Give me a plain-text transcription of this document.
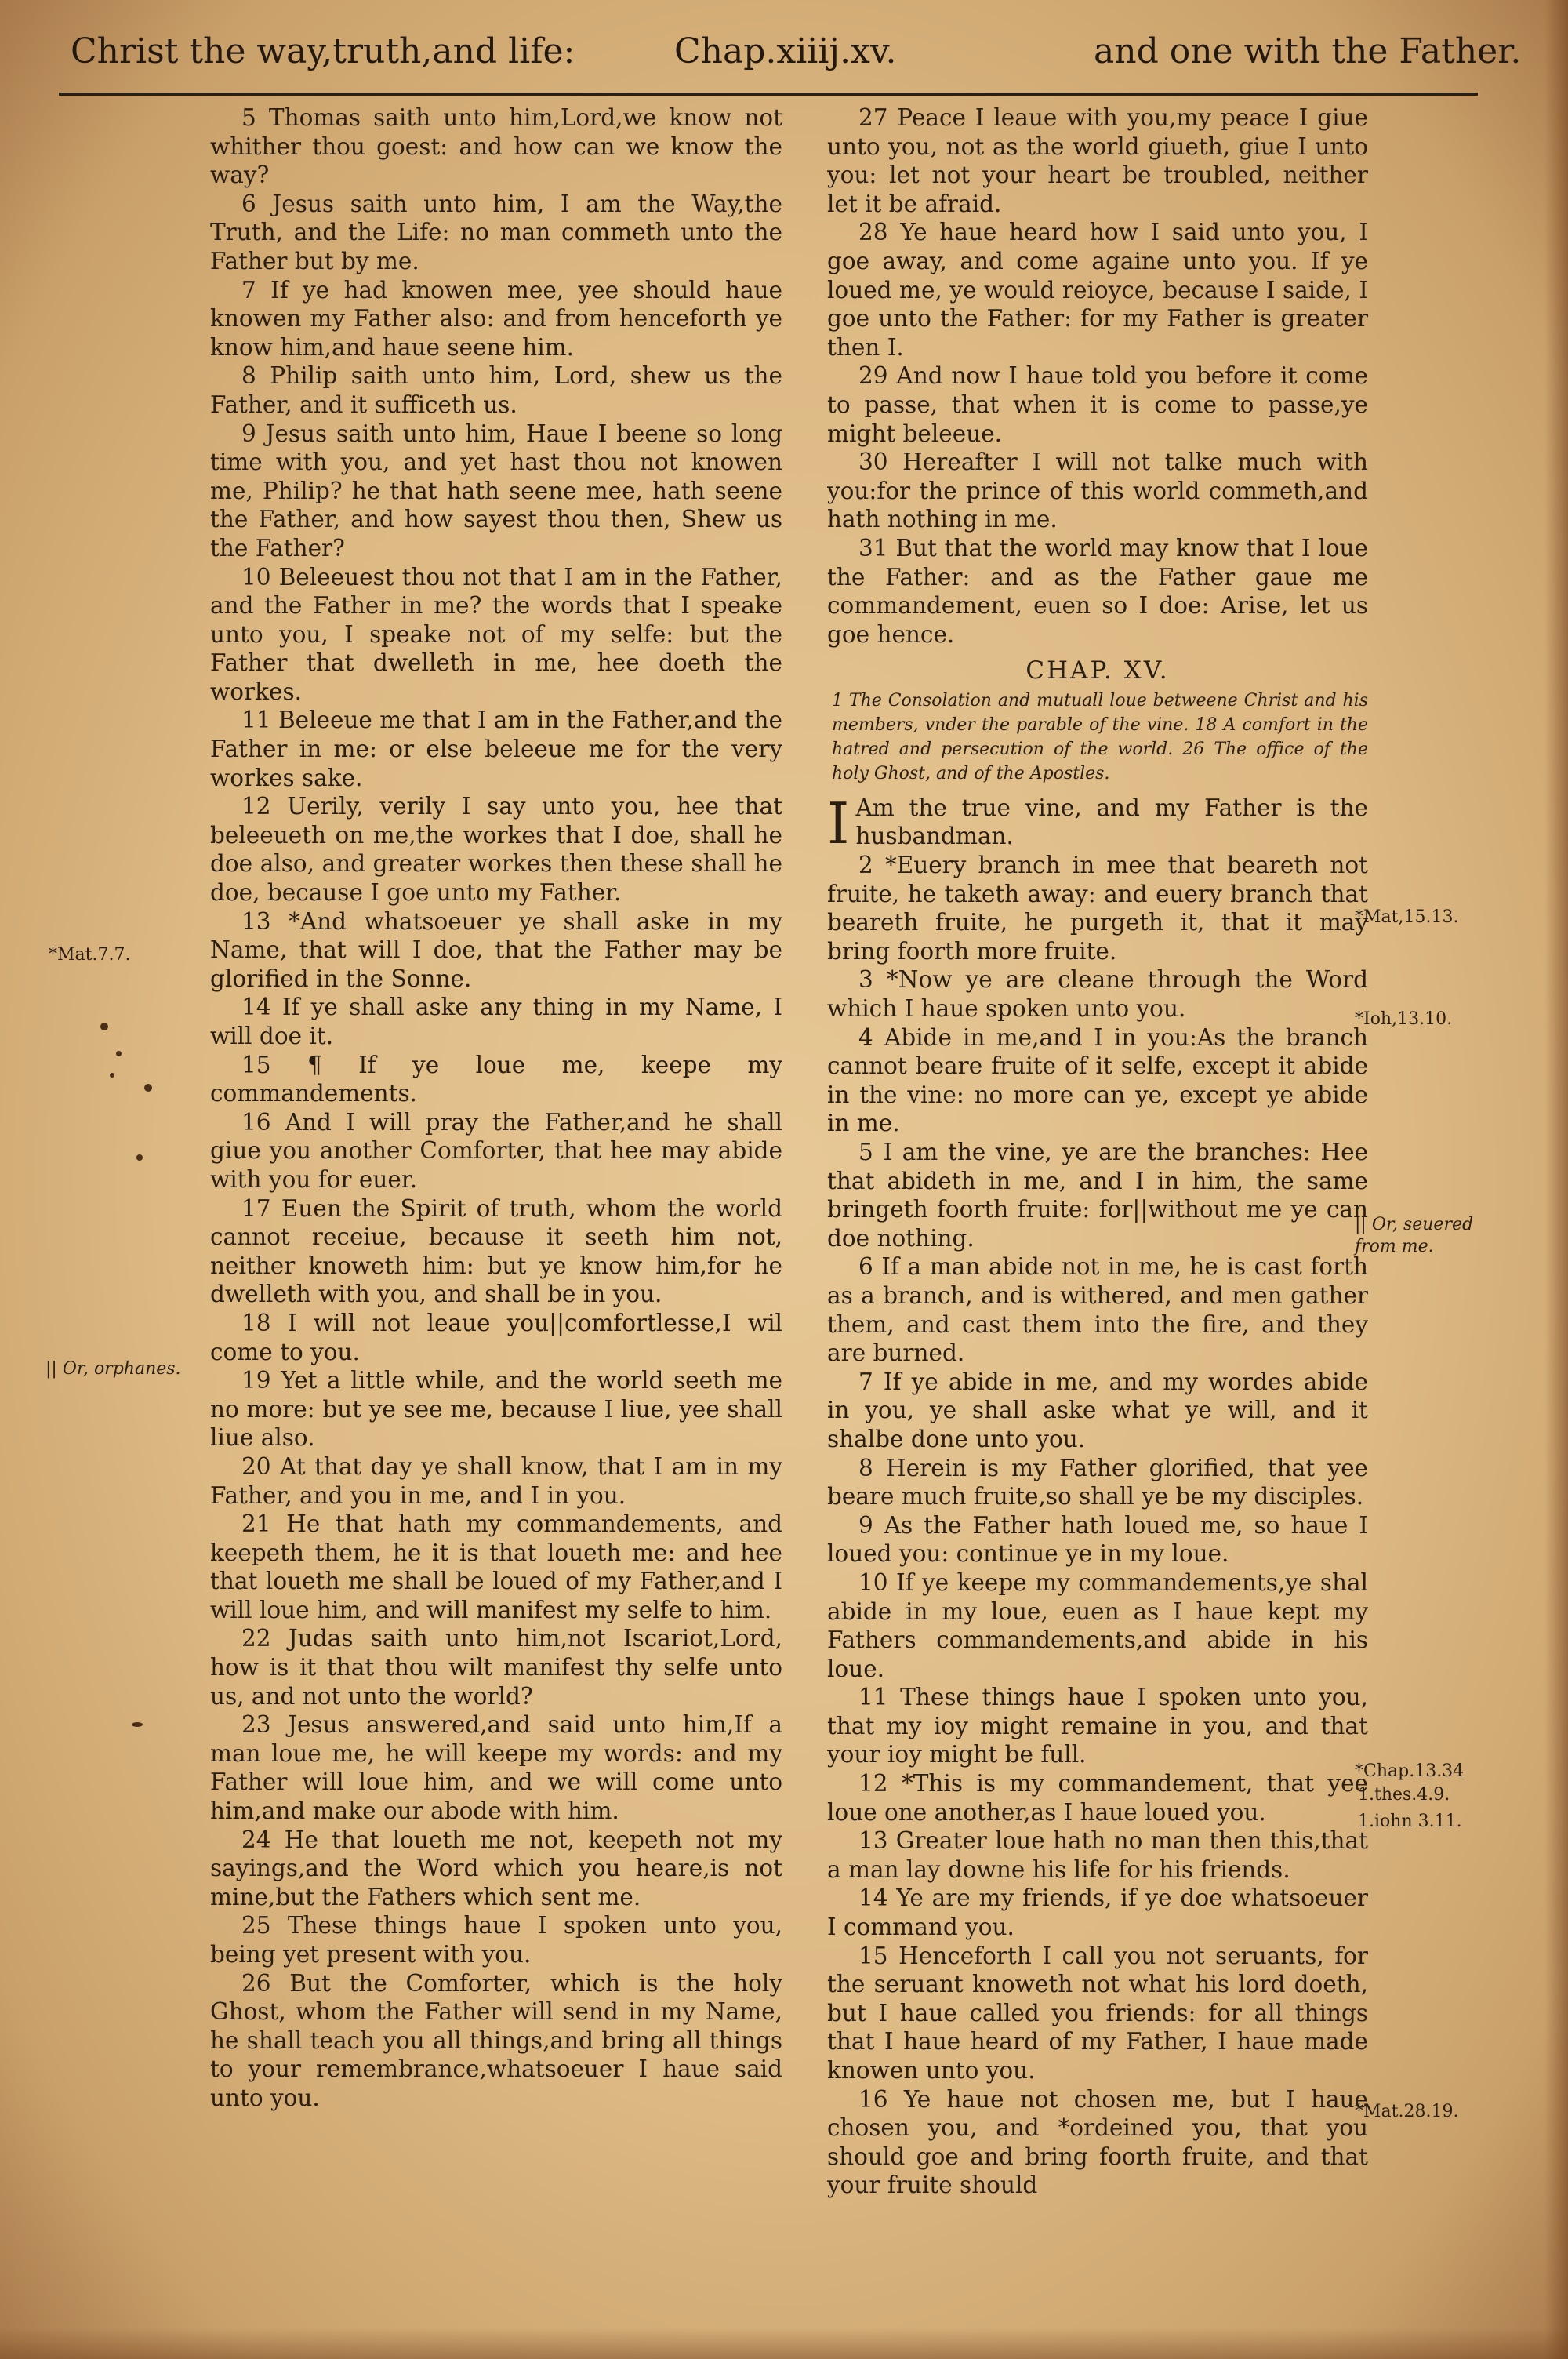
Christ the way,truth,and life:	Chap.xiiij.xv.	and one with the Father.

5 Thomas saith unto him,Lord,we know not whither thou goest: and how can we know the way?

6 Jesus saith unto him, I am the Way,the Truth, and the Life: no man commeth unto the Father but by me.

7 If ye had knowen mee, yee should haue knowen my Father also: and from henceforth ye know him,and haue seene him.

8 Philip saith unto him, Lord, shew us the Father, and it sufficeth us.

9 Jesus saith unto him, Haue I beene so long time with you, and yet hast thou not knowen me, Philip? he that hath seene mee, hath seene the Father, and how sayest thou then, Shew us the Father?

10 Beleeuest thou not that I am in the Father, and the Father in me? the words that I speake unto you, I speake not of my selfe: but the Father that dwelleth in me, hee doeth the workes.

11 Beleeue me that I am in the Father,and the Father in me: or else beleeue me for the very workes sake.

12 Uerily, verily I say unto you, hee that beleeueth on me,the workes that I doe, shall he doe also, and greater workes then these shall he doe, because I goe unto my Father.

13 *And whatsoeuer ye shall aske in my Name, that will I doe, that the Father may be glorified in the Sonne.

14 If ye shall aske any thing in my Name, I will doe it.

15 ¶ If ye loue me, keepe my commandements.

16 And I will pray the Father,and he shall giue you another Comforter, that hee may abide with you for euer.

17 Euen the Spirit of truth, whom the world cannot receiue, because it seeth him not, neither knoweth him: but ye know him,for he dwelleth with you, and shall be in you.

18 I will not leaue you||comfortlesse,I wil come to you.

19 Yet a little while, and the world seeth me no more: but ye see me, because I liue, yee shall liue also.

20 At that day ye shall know, that I am in my Father, and you in me, and I in you.

21 He that hath my commandements, and keepeth them, he it is that loueth me: and hee that loueth me shall be loued of my Father,and I will loue him, and will manifest my selfe to him.

22 Judas saith unto him,not Iscariot,Lord, how is it that thou wilt manifest thy selfe unto us, and not unto the world?

23 Jesus answered,and said unto him,If a man loue me, he will keepe my words: and my Father will loue him, and we will come unto him,and make our abode with him.

24 He that loueth me not, keepeth not my sayings,and the Word which you heare,is not mine,but the Fathers which sent me.

25 These things haue I spoken unto you, being yet present with you.

26 But the Comforter, which is the holy Ghost, whom the Father will send in my Name, he shall teach you all things,and bring all things to your remembrance,whatsoeuer I haue said unto you.

27 Peace I leaue with you,my peace I giue unto you, not as the world giueth, giue I unto you: let not your heart be troubled, neither let it be afraid.

28 Ye haue heard how I said unto you, I goe away, and come againe unto you. If ye loued me, ye would reioyce, because I saide, I goe unto the Father: for my Father is greater then I.

29 And now I haue told you before it come to passe, that when it is come to passe,ye might beleeue.

30 Hereafter I will not talke much with you:for the prince of this world commeth,and hath nothing in me.

31 But that the world may know that I loue the Father: and as the Father gaue me commandement, euen so I doe: Arise, let us goe hence.

CHAP. XV.
1 The Consolation and mutuall loue betweene Christ and his members, vnder the parable of the vine. 18 A comfort in the hatred and persecution of the world. 26 The office of the holy Ghost, and of the Apostles.

I Am the true vine, and my Father is the husbandman.

2 *Euery branch in mee that beareth not fruite, he taketh away: and euery branch that beareth fruite, he purgeth it, that it may bring foorth more fruite.

3 *Now ye are cleane through the Word which I haue spoken unto you.

4 Abide in me,and I in you:As the branch cannot beare fruite of it selfe, except it abide in the vine: no more can ye, except ye abide in me.

5 I am the vine, ye are the branches: Hee that abideth in me, and I in him, the same bringeth foorth fruite: for||without me ye can doe nothing.

6 If a man abide not in me, he is cast forth as a branch, and is withered, and men gather them, and cast them into the fire, and they are burned.

7 If ye abide in me, and my wordes abide in you, ye shall aske what ye will, and it shalbe done unto you.

8 Herein is my Father glorified, that yee beare much fruite,so shall ye be my disciples.

9 As the Father hath loued me, so haue I loued you: continue ye in my loue.

10 If ye keepe my commandements,ye shal abide in my loue, euen as I haue kept my Fathers commandements,and abide in his loue.

11 These things haue I spoken unto you, that my ioy might remaine in you, and that your ioy might be full.

12 *This is my commandement, that yee loue one another,as I haue loued you.

13 Greater loue hath no man then this,that a man lay downe his life for his friends.

14 Ye are my friends, if ye doe whatsoeuer I command you.

15 Henceforth I call you not seruants, for the seruant knoweth not what his lord doeth, but I haue called you friends: for all things that I haue heard of my Father, I haue made knowen unto you.

16 Ye haue not chosen me, but I haue chosen you, and *ordeined you, that you should goe and bring foorth fruite, and that your fruite should

*Mat.7.7.
|| Or, orphanes.
*Mat,15.13.
*Ioh,13.10.
|| Or, seuered from me.
*Chap.13.34
1.thes.4.9.
1.iohn 3.11.
*Mat.28.19.
